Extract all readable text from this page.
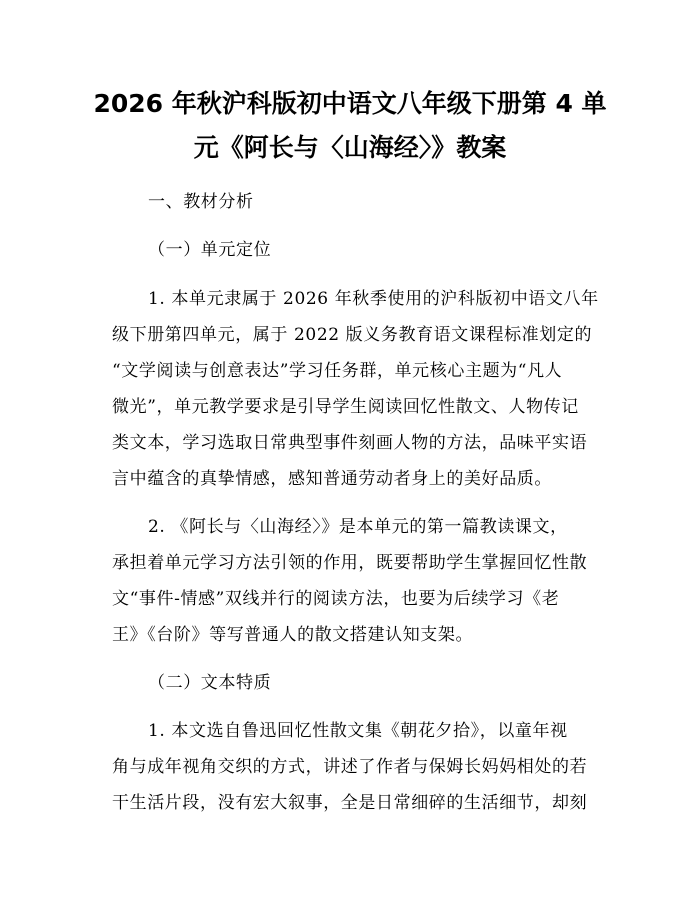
2026 年秋沪科版初中语文八年级下册第 4 单
元《阿长与〈山海经〉》教案
一、教材分析
（一）单元定位
1. 本单元隶属于 2026 年秋季使用的沪科版初中语文八年
级下册第四单元，属于 2022 版义务教育语文课程标准划定的
“文学阅读与创意表达”学习任务群，单元核心主题为“凡人
微光”，单元教学要求是引导学生阅读回忆性散文、人物传记
类文本，学习选取日常典型事件刻画人物的方法，品味平实语
言中蕴含的真挚情感，感知普通劳动者身上的美好品质。
2. 《阿长与〈山海经〉》是本单元的第一篇教读课文，
承担着单元学习方法引领的作用，既要帮助学生掌握回忆性散
文“事件-情感”双线并行的阅读方法，也要为后续学习《老
王》《台阶》等写普通人的散文搭建认知支架。
（二）文本特质
1. 本文选自鲁迅回忆性散文集《朝花夕拾》，以童年视
角与成年视角交织的方式，讲述了作者与保姆长妈妈相处的若
干生活片段，没有宏大叙事，全是日常细碎的生活细节，却刻
